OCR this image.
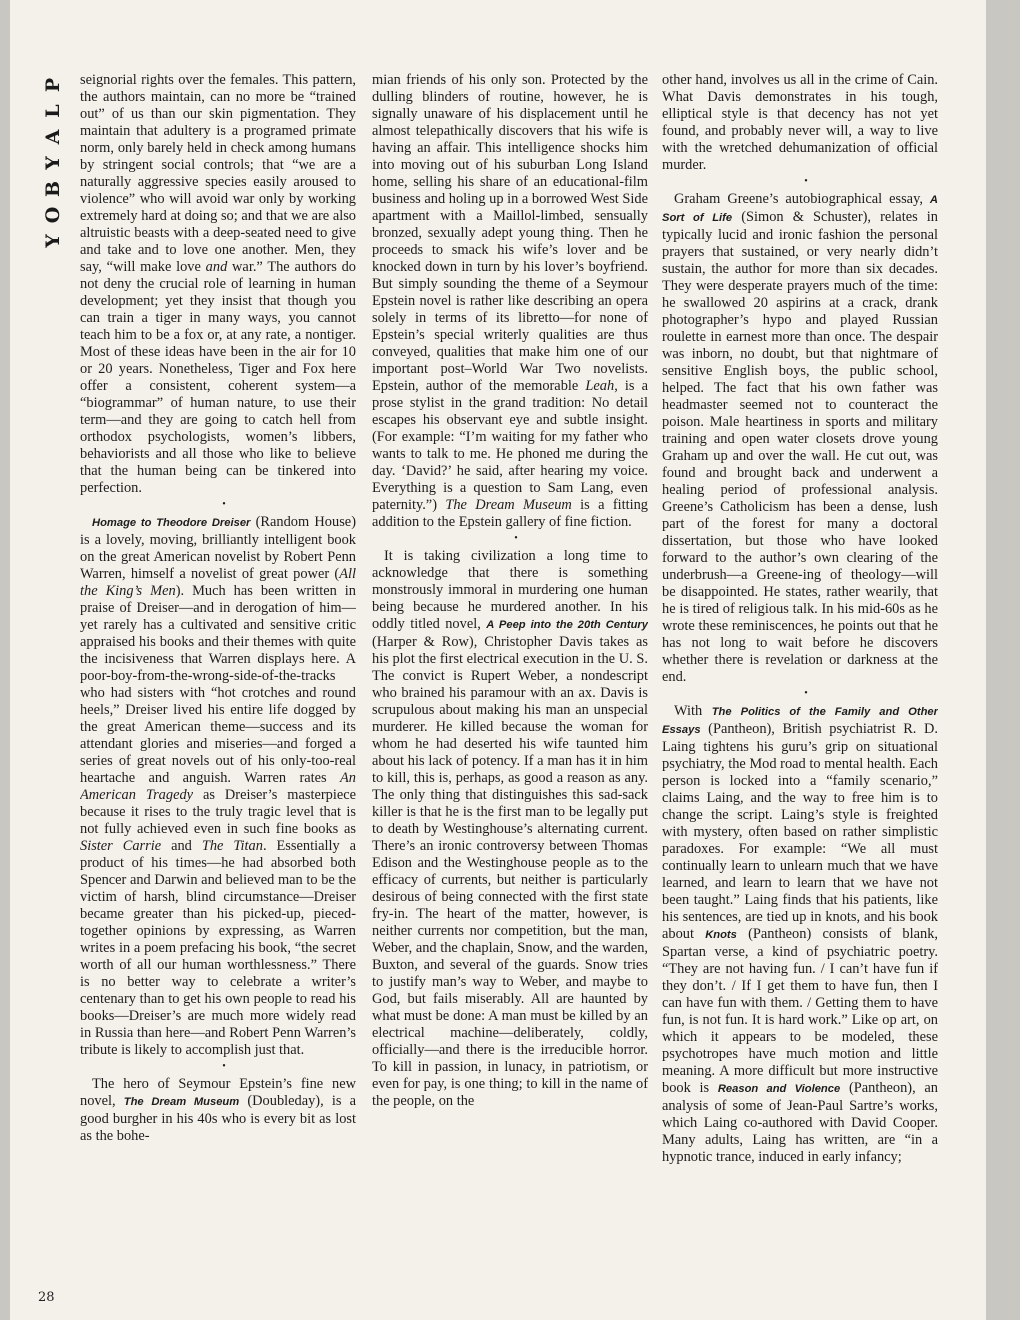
P
L
A
Y
B
O
Y

seignorial rights over the females. This pattern, the authors maintain, can no more be “trained out” of us than our skin pigmentation. They maintain that adultery is a programed primate norm, only barely held in check among humans by stringent social controls; that “we are a naturally aggressive species easily aroused to violence” who will avoid war only by working extremely hard at doing so; and that we are also altruistic beasts with a deep-seated need to give and take and to love one another. Men, they say, “will make love and war.” The authors do not deny the crucial role of learning in human development; yet they insist that though you can train a tiger in many ways, you cannot teach him to be a fox or, at any rate, a nontiger. Most of these ideas have been in the air for 10 or 20 years. Nonetheless, Tiger and Fox here offer a consistent, coherent system—a “biogrammar” of human nature, to use their term—and they are going to catch hell from orthodox psychologists, women’s libbers, behaviorists and all those who like to believe that the human being can be tinkered into perfection.

•

Homage to Theodore Dreiser (Random House) is a lovely, moving, brilliantly intelligent book on the great American novelist by Robert Penn Warren, himself a novelist of great power (All the King’s Men). Much has been written in praise of Dreiser—and in derogation of him—yet rarely has a cultivated and sensitive critic appraised his books and their themes with quite the incisiveness that Warren displays here. A poor-boy-from-the-wrong-side-of-the-tracks who had sisters with “hot crotches and round heels,” Dreiser lived his entire life dogged by the great American theme—success and its attendant glories and miseries—and forged a series of great novels out of his only-too-real heartache and anguish. Warren rates An American Tragedy as Dreiser’s masterpiece because it rises to the truly tragic level that is not fully achieved even in such fine books as Sister Carrie and The Titan. Essentially a product of his times—he had absorbed both Spencer and Darwin and believed man to be the victim of harsh, blind circumstance—Dreiser became greater than his picked-up, pieced-together opinions by expressing, as Warren writes in a poem prefacing his book, “the secret worth of all our human worthlessness.” There is no better way to celebrate a writer’s centenary than to get his own people to read his books—Dreiser’s are much more widely read in Russia than here—and Robert Penn Warren’s tribute is likely to accomplish just that.

•

The hero of Seymour Epstein’s fine new novel, The Dream Museum (Doubleday), is a good burgher in his 40s who is every bit as lost as the bohe-

mian friends of his only son. Protected by the dulling blinders of routine, however, he is signally unaware of his displacement until he almost telepathically discovers that his wife is having an affair. This intelligence shocks him into moving out of his suburban Long Island home, selling his share of an educational-film business and holing up in a borrowed West Side apartment with a Maillol-limbed, sensually bronzed, sexually adept young thing. Then he proceeds to smack his wife’s lover and be knocked down in turn by his lover’s boyfriend. But simply sounding the theme of a Seymour Epstein novel is rather like describing an opera solely in terms of its libretto—for none of Epstein’s special writerly qualities are thus conveyed, qualities that make him one of our important post–World War Two novelists. Epstein, author of the memorable Leah, is a prose stylist in the grand tradition: No detail escapes his observant eye and subtle insight. (For example: “I’m waiting for my father who wants to talk to me. He phoned me during the day. ‘David?’ he said, after hearing my voice. Everything is a question to Sam Lang, even paternity.”) The Dream Museum is a fitting addition to the Epstein gallery of fine fiction.

•

It is taking civilization a long time to acknowledge that there is something monstrously immoral in murdering one human being because he murdered another. In his oddly titled novel, A Peep into the 20th Century (Harper & Row), Christopher Davis takes as his plot the first electrical execution in the U. S. The convict is Rupert Weber, a nondescript who brained his paramour with an ax. Davis is scrupulous about making his man an unspecial murderer. He killed because the woman for whom he had deserted his wife taunted him about his lack of potency. If a man has it in him to kill, this is, perhaps, as good a reason as any. The only thing that distinguishes this sad-sack killer is that he is the first man to be legally put to death by Westinghouse’s alternating current. There’s an ironic controversy between Thomas Edison and the Westinghouse people as to the efficacy of currents, but neither is particularly desirous of being connected with the first state fry-in. The heart of the matter, however, is neither currents nor competition, but the man, Weber, and the chaplain, Snow, and the warden, Buxton, and several of the guards. Snow tries to justify man’s way to Weber, and maybe to God, but fails miserably. All are haunted by what must be done: A man must be killed by an electrical machine—deliberately, coldly, officially—and there is the irreducible horror. To kill in passion, in lunacy, in patriotism, or even for pay, is one thing; to kill in the name of the people, on the

other hand, involves us all in the crime of Cain. What Davis demonstrates in his tough, elliptical style is that decency has not yet found, and probably never will, a way to live with the wretched dehumanization of official murder.

•

Graham Greene’s autobiographical essay, A Sort of Life (Simon & Schuster), relates in typically lucid and ironic fashion the personal prayers that sustained, or very nearly didn’t sustain, the author for more than six decades. They were desperate prayers much of the time: he swallowed 20 aspirins at a crack, drank photographer’s hypo and played Russian roulette in earnest more than once. The despair was inborn, no doubt, but that nightmare of sensitive English boys, the public school, helped. The fact that his own father was headmaster seemed not to counteract the poison. Male heartiness in sports and military training and open water closets drove young Graham up and over the wall. He cut out, was found and brought back and underwent a healing period of professional analysis. Greene’s Catholicism has been a dense, lush part of the forest for many a doctoral dissertation, but those who have looked forward to the author’s own clearing of the underbrush—a Greene-ing of theology—will be disappointed. He states, rather wearily, that he is tired of religious talk. In his mid-60s as he wrote these reminiscences, he points out that he has not long to wait before he discovers whether there is revelation or darkness at the end.

•

With The Politics of the Family and Other Essays (Pantheon), British psychiatrist R. D. Laing tightens his guru’s grip on situational psychiatry, the Mod road to mental health. Each person is locked into a “family scenario,” claims Laing, and the way to free him is to change the script. Laing’s style is freighted with mystery, often based on rather simplistic paradoxes. For example: “We all must continually learn to unlearn much that we have learned, and learn to learn that we have not been taught.” Laing finds that his patients, like his sentences, are tied up in knots, and his book about Knots (Pantheon) consists of blank, Spartan verse, a kind of psychiatric poetry. “They are not having fun. / I can’t have fun if they don’t. / If I get them to have fun, then I can have fun with them. / Getting them to have fun, is not fun. It is hard work.” Like op art, on which it appears to be modeled, these psychotropes have much motion and little meaning. A more difficult but more instructive book is Reason and Violence (Pantheon), an analysis of some of Jean-Paul Sartre’s works, which Laing co-authored with David Cooper. Many adults, Laing has written, are “in a hypnotic trance, induced in early infancy;

28
